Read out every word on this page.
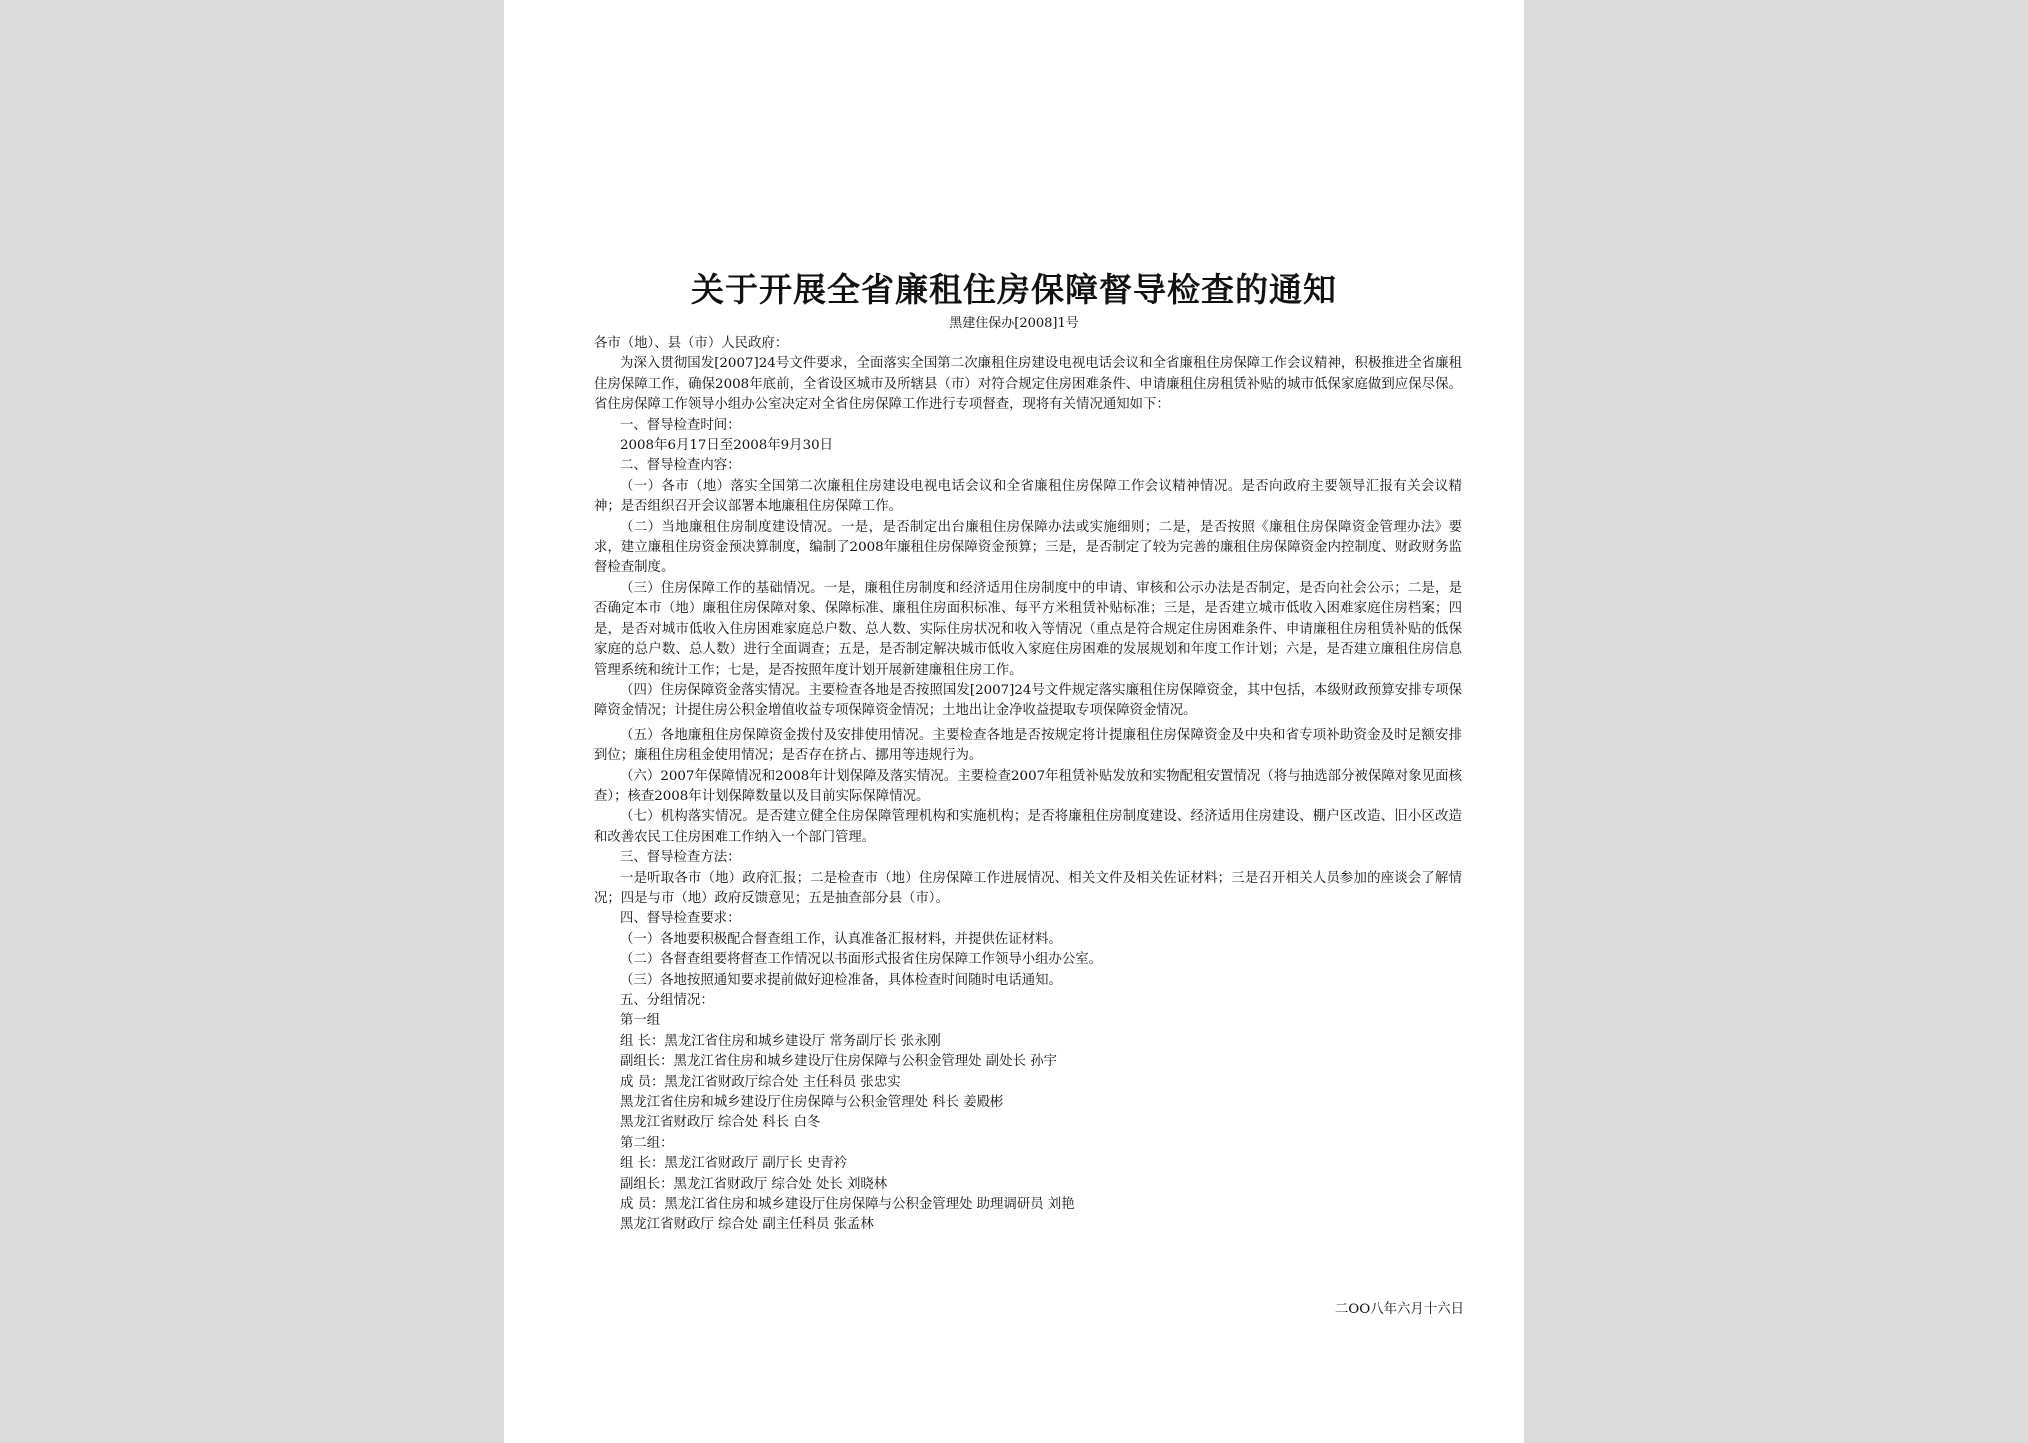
关于开展全省廉租住房保障督导检查的通知
黑建住保办[2008]1号

各市（地）、县（市）人民政府：

为深入贯彻国发[2007]24号文件要求，全面落实全国第二次廉租住房建设电视电话会议和全省廉租住房保障工作会议精神，积极推进全省廉租住房保障工作，确保2008年底前，全省设区城市及所辖县（市）对符合规定住房困难条件、申请廉租住房租赁补贴的城市低保家庭做到应保尽保。省住房保障工作领导小组办公室决定对全省住房保障工作进行专项督查，现将有关情况通知如下：

一、督导检查时间：

2008年6月17日至2008年9月30日

二、督导检查内容：

（一）各市（地）落实全国第二次廉租住房建设电视电话会议和全省廉租住房保障工作会议精神情况。是否向政府主要领导汇报有关会议精神；是否组织召开会议部署本地廉租住房保障工作。

（二）当地廉租住房制度建设情况。一是，是否制定出台廉租住房保障办法或实施细则；二是，是否按照《廉租住房保障资金管理办法》要求，建立廉租住房资金预决算制度，编制了2008年廉租住房保障资金预算；三是，是否制定了较为完善的廉租住房保障资金内控制度、财政财务监督检查制度。

（三）住房保障工作的基础情况。一是，廉租住房制度和经济适用住房制度中的申请、审核和公示办法是否制定，是否向社会公示；二是，是否确定本市（地）廉租住房保障对象、保障标准、廉租住房面积标准、每平方米租赁补贴标准；三是，是否建立城市低收入困难家庭住房档案；四是，是否对城市低收入住房困难家庭总户数、总人数、实际住房状况和收入等情况（重点是符合规定住房困难条件、申请廉租住房租赁补贴的低保家庭的总户数、总人数）进行全面调查；五是，是否制定解决城市低收入家庭住房困难的发展规划和年度工作计划；六是，是否建立廉租住房信息管理系统和统计工作；七是，是否按照年度计划开展新建廉租住房工作。

（四）住房保障资金落实情况。主要检查各地是否按照国发[2007]24号文件规定落实廉租住房保障资金，其中包括，本级财政预算安排专项保障资金情况；计提住房公积金增值收益专项保障资金情况；土地出让金净收益提取专项保障资金情况。

（五）各地廉租住房保障资金拨付及安排使用情况。主要检查各地是否按规定将计提廉租住房保障资金及中央和省专项补助资金及时足额安排到位；廉租住房租金使用情况；是否存在挤占、挪用等违规行为。

（六）2007年保障情况和2008年计划保障及落实情况。主要检查2007年租赁补贴发放和实物配租安置情况（将与抽选部分被保障对象见面核查）；核查2008年计划保障数量以及目前实际保障情况。

（七）机构落实情况。是否建立健全住房保障管理机构和实施机构；是否将廉租住房制度建设、经济适用住房建设、棚户区改造、旧小区改造和改善农民工住房困难工作纳入一个部门管理。

三、督导检查方法：

一是听取各市（地）政府汇报；二是检查市（地）住房保障工作进展情况、相关文件及相关佐证材料；三是召开相关人员参加的座谈会了解情况；四是与市（地）政府反馈意见；五是抽查部分县（市）。

四、督导检查要求：

（一）各地要积极配合督查组工作，认真准备汇报材料，并提供佐证材料。

（二）各督查组要将督查工作情况以书面形式报省住房保障工作领导小组办公室。

（三）各地按照通知要求提前做好迎检准备，具体检查时间随时电话通知。

五、分组情况：

第一组

组 长：黑龙江省住房和城乡建设厅 常务副厅长 张永刚

副组长：黑龙江省住房和城乡建设厅住房保障与公积金管理处 副处长 孙宇

成 员：黑龙江省财政厅综合处 主任科员 张忠实

黑龙江省住房和城乡建设厅住房保障与公积金管理处 科长 姜殿彬

黑龙江省财政厅 综合处 科长 白冬

第二组：

组 长：黑龙江省财政厅 副厅长 史青衿

副组长：黑龙江省财政厅 综合处 处长 刘晓林

成 员：黑龙江省住房和城乡建设厅住房保障与公积金管理处 助理调研员 刘艳

黑龙江省财政厅 综合处 副主任科员 张孟林

二OO八年六月十六日
